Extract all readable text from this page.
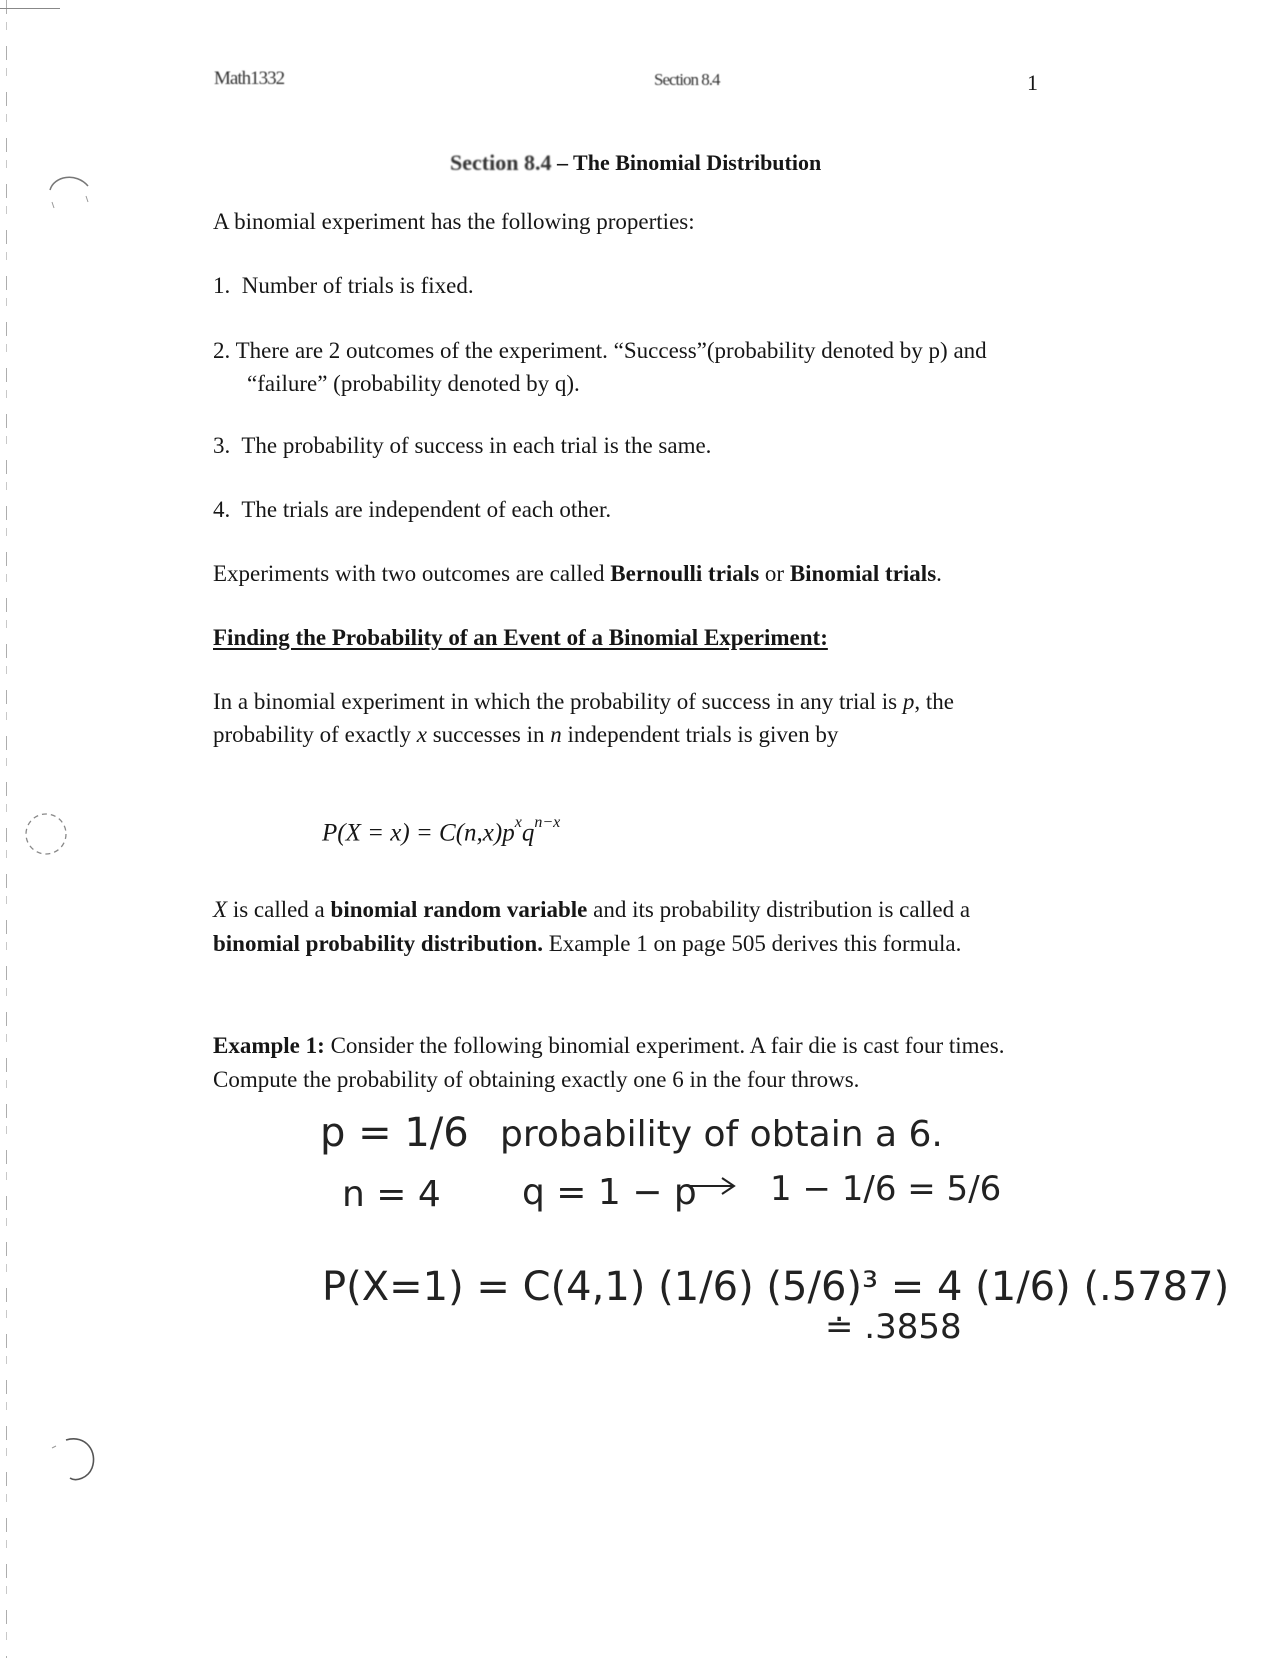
Math1332	Section 8.4	1
Section 8.4 – The Binomial Distribution
A binomial experiment has the following properties:
1. Number of trials is fixed.
2. There are 2 outcomes of the experiment. “Success”(probability denoted by p) and
“failure” (probability denoted by q).
3. The probability of success in each trial is the same.
4. The trials are independent of each other.
Experiments with two outcomes are called Bernoulli trials or Binomial trials.
Finding the Probability of an Event of a Binomial Experiment:
In a binomial experiment in which the probability of success in any trial is p, the
probability of exactly x successes in n independent trials is given by
$P(X = x) = C(n,x)p^xq^{n-x}$
X is called a binomial random variable and its probability distribution is called a
binomial probability distribution. Example 1 on page 505 derives this formula.
Example 1: Consider the following binomial experiment. A fair die is cast four times.
Compute the probability of obtaining exactly one 6 in the four throws.
p = 1/6 probability of obtain a 6.
n = 4 q = 1 − p 1 − 1/6 = 5/6
P(X=1) = C(4,1) (1/6) (5/6)³ = 4 (1/6) (.5787)
≐ .3858
